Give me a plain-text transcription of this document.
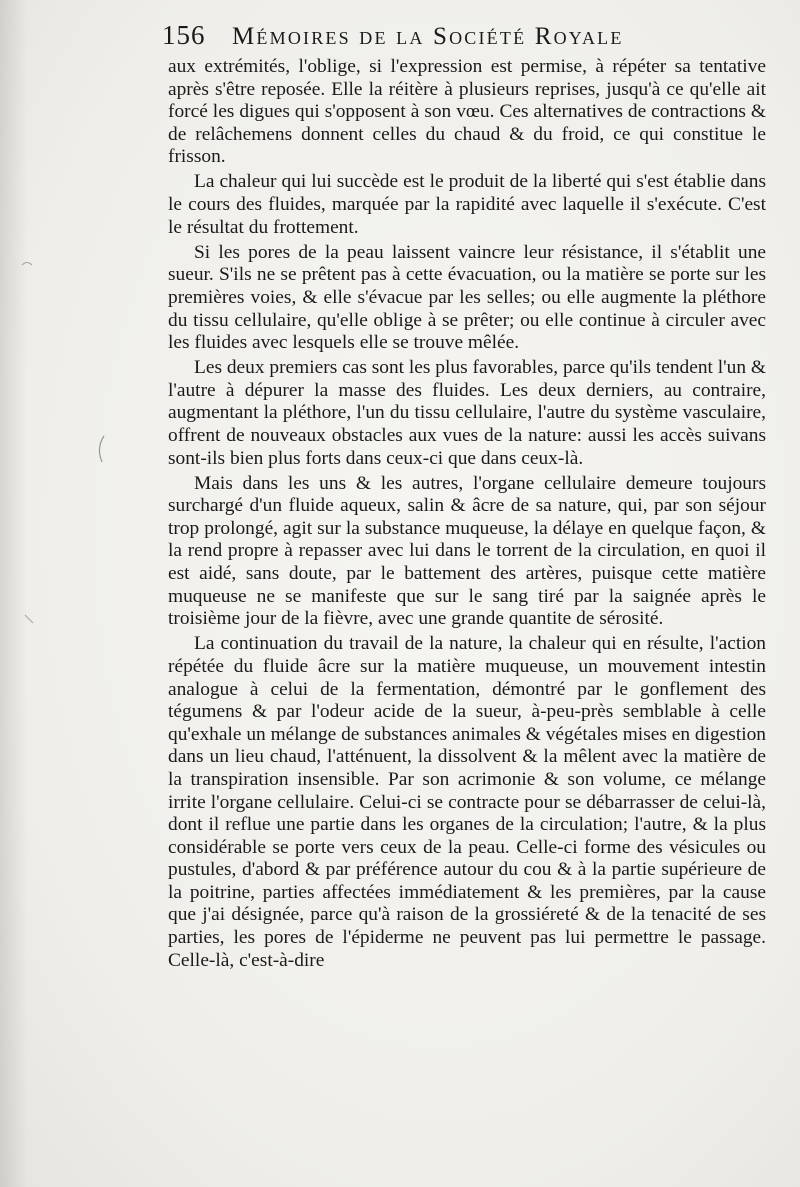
156	Mémoires de la Société Royale

aux extrémités, l'oblige, si l'expression est permise, à répéter sa tentative après s'être reposée. Elle la réitère à plusieurs reprises, jusqu'à ce qu'elle ait forcé les digues qui s'opposent à son vœu. Ces alternatives de contractions & de relâchemens donnent celles du chaud & du froid, ce qui constitue le frisson.

La chaleur qui lui succède est le produit de la liberté qui s'est établie dans le cours des fluides, marquée par la rapidité avec laquelle il s'exécute. C'est le résultat du frottement.

Si les pores de la peau laissent vaincre leur résistance, il s'établit une sueur. S'ils ne se prêtent pas à cette évacuation, ou la matière se porte sur les premières voies, & elle s'évacue par les selles; ou elle augmente la pléthore du tissu cellulaire, qu'elle oblige à se prêter; ou elle continue à circuler avec les fluides avec lesquels elle se trouve mêlée.

Les deux premiers cas sont les plus favorables, parce qu'ils tendent l'un & l'autre à dépurer la masse des fluides. Les deux derniers, au contraire, augmentant la pléthore, l'un du tissu cellulaire, l'autre du système vasculaire, offrent de nouveaux obstacles aux vues de la nature: aussi les accès suivans sont-ils bien plus forts dans ceux-ci que dans ceux-là.

Mais dans les uns & les autres, l'organe cellulaire demeure toujours surchargé d'un fluide aqueux, salin & âcre de sa nature, qui, par son séjour trop prolongé, agit sur la substance muqueuse, la délaye en quelque façon, & la rend propre à repasser avec lui dans le torrent de la circulation, en quoi il est aidé, sans doute, par le battement des artères, puisque cette matière muqueuse ne se manifeste que sur le sang tiré par la saignée après le troisième jour de la fièvre, avec une grande quantite de sérosité.

La continuation du travail de la nature, la chaleur qui en résulte, l'action répétée du fluide âcre sur la matière muqueuse, un mouvement intestin analogue à celui de la fermentation, démontré par le gonflement des tégumens & par l'odeur acide de la sueur, à-peu-près semblable à celle qu'exhale un mélange de substances animales & végétales mises en digestion dans un lieu chaud, l'atténuent, la dissolvent & la mêlent avec la matière de la transpiration insensible. Par son acrimonie & son volume, ce mélange irrite l'organe cellulaire. Celui-ci se contracte pour se débarrasser de celui-là, dont il reflue une partie dans les organes de la circulation; l'autre, & la plus considérable se porte vers ceux de la peau. Celle-ci forme des vésicules ou pustules, d'abord & par préférence autour du cou & à la partie supérieure de la poitrine, parties affectées immédiatement & les premières, par la cause que j'ai désignée, parce qu'à raison de la grossiéreté & de la tenacité de ses parties, les pores de l'épiderme ne peuvent pas lui permettre le passage. Celle-là, c'est-à-dire
